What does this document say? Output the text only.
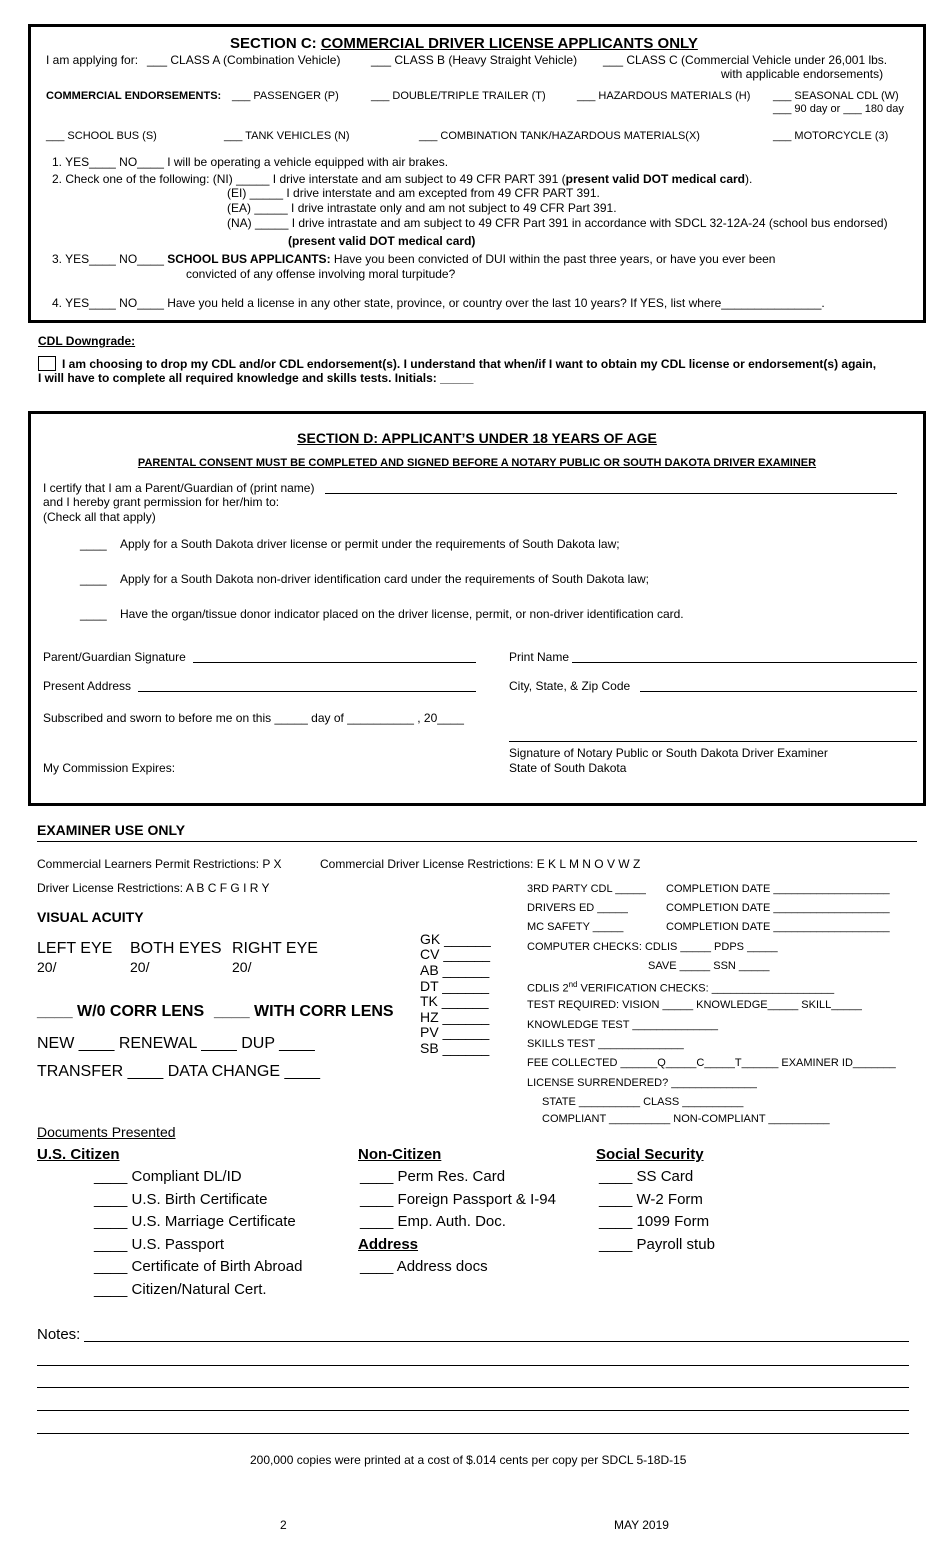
SECTION C: COMMERCIAL DRIVER LICENSE APPLICANTS ONLY
I am applying for: ___ CLASS A (Combination Vehicle)	___ CLASS B (Heavy Straight Vehicle) ___ CLASS C (Commercial Vehicle under 26,001 lbs.
with applicable endorsements)
COMMERCIAL ENDORSEMENTS: ___ PASSENGER (P)	___ DOUBLE/TRIPLE TRAILER (T)	___ HAZARDOUS MATERIALS (H) ___ SEASONAL CDL (W)
___ 90 day or ___ 180 day
___ SCHOOL BUS (S)	___ TANK VEHICLES (N)	___ COMBINATION TANK/HAZARDOUS MATERIALS(X)	___ MOTORCYCLE (3)
1. YES____ NO____ I will be operating a vehicle equipped with air brakes.
2. Check one of the following: (NI) _____ I drive interstate and am subject to 49 CFR PART 391 (present valid DOT medical card).
(EI) _____ I drive interstate and am excepted from 49 CFR PART 391.
(EA) _____ I drive intrastate only and am not subject to 49 CFR Part 391.
(NA) _____ I drive intrastate and am subject to 49 CFR Part 391 in accordance with SDCL 32-12A-24 (school bus endorsed)
(present valid DOT medical card)
3. YES____ NO____ SCHOOL BUS APPLICANTS: Have you been convicted of DUI within the past three years, or have you ever been
convicted of any offense involving moral turpitude?
4. YES____ NO____ Have you held a license in any other state, province, or country over the last 10 years? If YES, list where_______________.
CDL Downgrade:
I am choosing to drop my CDL and/or CDL endorsement(s). I understand that when/if I want to obtain my CDL license or endorsement(s) again,
I will have to complete all required knowledge and skills tests. Initials: _____
SECTION D: APPLICANT’S UNDER 18 YEARS OF AGE
PARENTAL CONSENT MUST BE COMPLETED AND SIGNED BEFORE A NOTARY PUBLIC OR SOUTH DAKOTA DRIVER EXAMINER
I certify that I am a Parent/Guardian of (print name)
and I hereby grant permission for her/him to:
(Check all that apply)
____ Apply for a South Dakota driver license or permit under the requirements of South Dakota law;
____ Apply for a South Dakota non-driver identification card under the requirements of South Dakota law;
____ Have the organ/tissue donor indicator placed on the driver license, permit, or non-driver identification card.
Parent/Guardian Signature	Print Name
Present Address	City, State, & Zip Code
Subscribed and sworn to before me on this _____ day of __________ , 20____
Signature of Notary Public or South Dakota Driver Examiner
State of South Dakota
My Commission Expires:
EXAMINER USE ONLY
Commercial Learners Permit Restrictions: P X	Commercial Driver License Restrictions: E K L M N O V W Z
Driver License Restrictions: A B C F G I R Y
VISUAL ACUITY
LEFT EYE BOTH EYES RIGHT EYE
20/	20/	20/
____ W/0 CORR LENS ____ WITH CORR LENS
NEW ____ RENEWAL ____ DUP ____
TRANSFER ____ DATA CHANGE ____
GK ______
CV ______
AB ______
DT ______
TK ______
HZ ______
PV ______
SB ______
3RD PARTY CDL _____ COMPLETION DATE ___________________
DRIVERS ED _____	COMPLETION DATE ___________________
MC SAFETY _____	COMPLETION DATE ___________________
COMPUTER CHECKS: CDLIS _____ PDPS _____
SAVE _____ SSN _____
CDLIS 2nd VERIFICATION CHECKS: ____________________
TEST REQUIRED: VISION _____ KNOWLEDGE_____ SKILL_____
KNOWLEDGE TEST ______________
SKILLS TEST ______________
FEE COLLECTED ______Q_____C_____T______ EXAMINER ID_______
LICENSE SURRENDERED? ______________
STATE __________ CLASS __________
COMPLIANT __________ NON-COMPLIANT __________
Documents Presented
U.S. Citizen
____ Compliant DL/ID
____ U.S. Birth Certificate
____ U.S. Marriage Certificate
____ U.S. Passport
____ Certificate of Birth Abroad
____ Citizen/Natural Cert.
Non-Citizen
____ Perm Res. Card
____ Foreign Passport & I-94
____ Emp. Auth. Doc.
Address
____ Address docs
Social Security
____ SS Card
____ W-2 Form
____ 1099 Form
____ Payroll stub
Notes:
200,000 copies were printed at a cost of $.014 cents per copy per SDCL 5-18D-15
2	MAY 2019
